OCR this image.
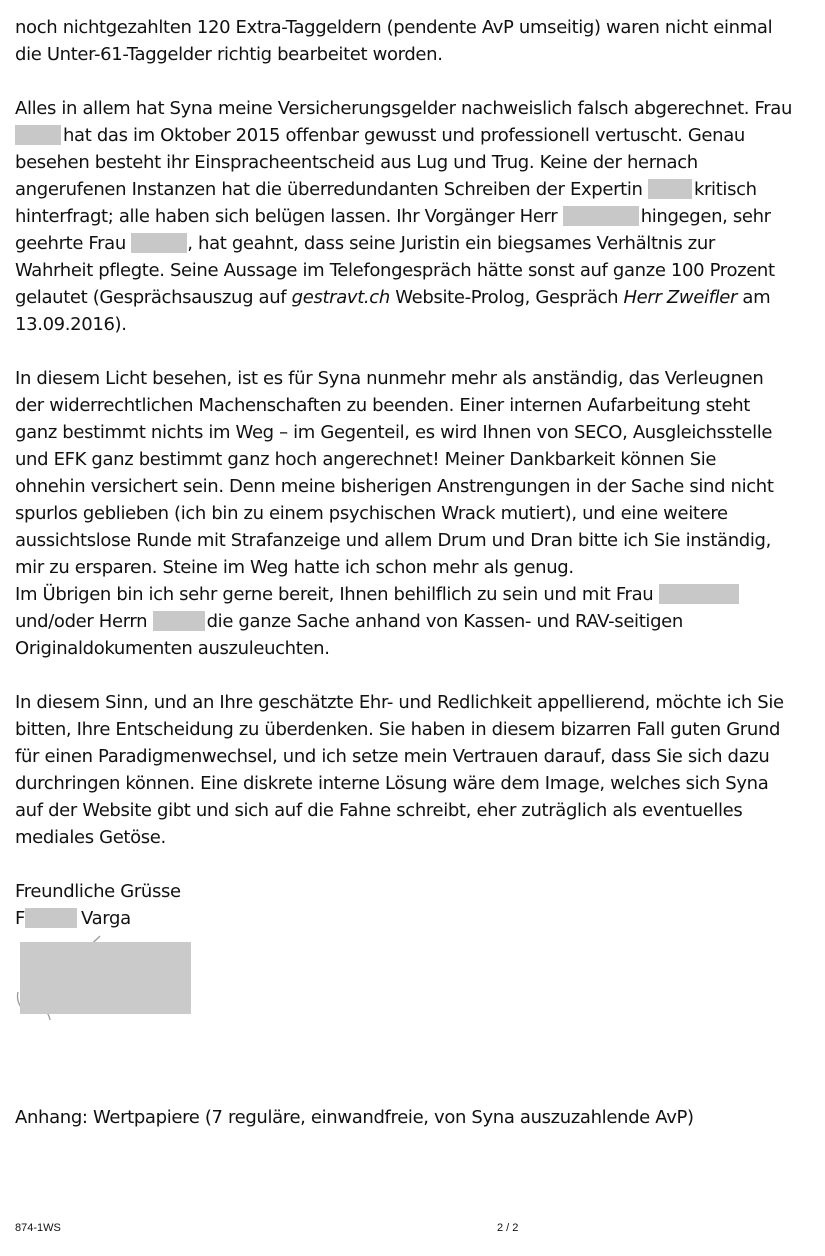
noch nichtgezahlten 120 Extra-Taggeldern (pendente AvP umseitig) waren nicht einmal
die Unter-61-Taggelder richtig bearbeitet worden.

Alles in allem hat Syna meine Versicherungsgelder nachweislich falsch abgerechnet. Frau
hat das im Oktober 2015 offenbar gewusst und professionell vertuscht. Genau
besehen besteht ihr Einspracheentscheid aus Lug und Trug. Keine der hernach
angerufenen Instanzen hat die überredundanten Schreiben der Expertin	kritisch
hinterfragt; alle haben sich belügen lassen. Ihr Vorgänger Herr	hingegen, sehr
geehrte Frau	, hat geahnt, dass seine Juristin ein biegsames Verhältnis zur
Wahrheit pflegte. Seine Aussage im Telefongespräch hätte sonst auf ganze 100 Prozent
gelautet (Gesprächsauszug auf gestravt.ch Website-Prolog, Gespräch Herr Zweifler am
13.09.2016).

In diesem Licht besehen, ist es für Syna nunmehr mehr als anständig, das Verleugnen
der widerrechtlichen Machenschaften zu beenden. Einer internen Aufarbeitung steht
ganz bestimmt nichts im Weg – im Gegenteil, es wird Ihnen von SECO, Ausgleichsstelle
und EFK ganz bestimmt ganz hoch angerechnet! Meiner Dankbarkeit können Sie
ohnehin versichert sein. Denn meine bisherigen Anstrengungen in der Sache sind nicht
spurlos geblieben (ich bin zu einem psychischen Wrack mutiert), und eine weitere
aussichtslose Runde mit Strafanzeige und allem Drum und Dran bitte ich Sie inständig,
mir zu ersparen. Steine im Weg hatte ich schon mehr als genug.

Im Übrigen bin ich sehr gerne bereit, Ihnen behilflich zu sein und mit Frau
und/oder Herrn	die ganze Sache anhand von Kassen- und RAV-seitigen
Originaldokumenten auszuleuchten.

In diesem Sinn, und an Ihre geschätzte Ehr- und Redlichkeit appellierend, möchte ich Sie
bitten, Ihre Entscheidung zu überdenken. Sie haben in diesem bizarren Fall guten Grund
für einen Paradigmenwechsel, und ich setze mein Vertrauen darauf, dass Sie sich dazu
durchringen können. Eine diskrete interne Lösung wäre dem Image, welches sich Syna
auf der Website gibt und sich auf die Fahne schreibt, eher zuträglich als eventuelles
mediales Getöse.

Freundliche Grüsse
F	Varga

Anhang: Wertpapiere (7 reguläre, einwandfreie, von Syna auszuzahlende AvP)
874-1WS	2 / 2
